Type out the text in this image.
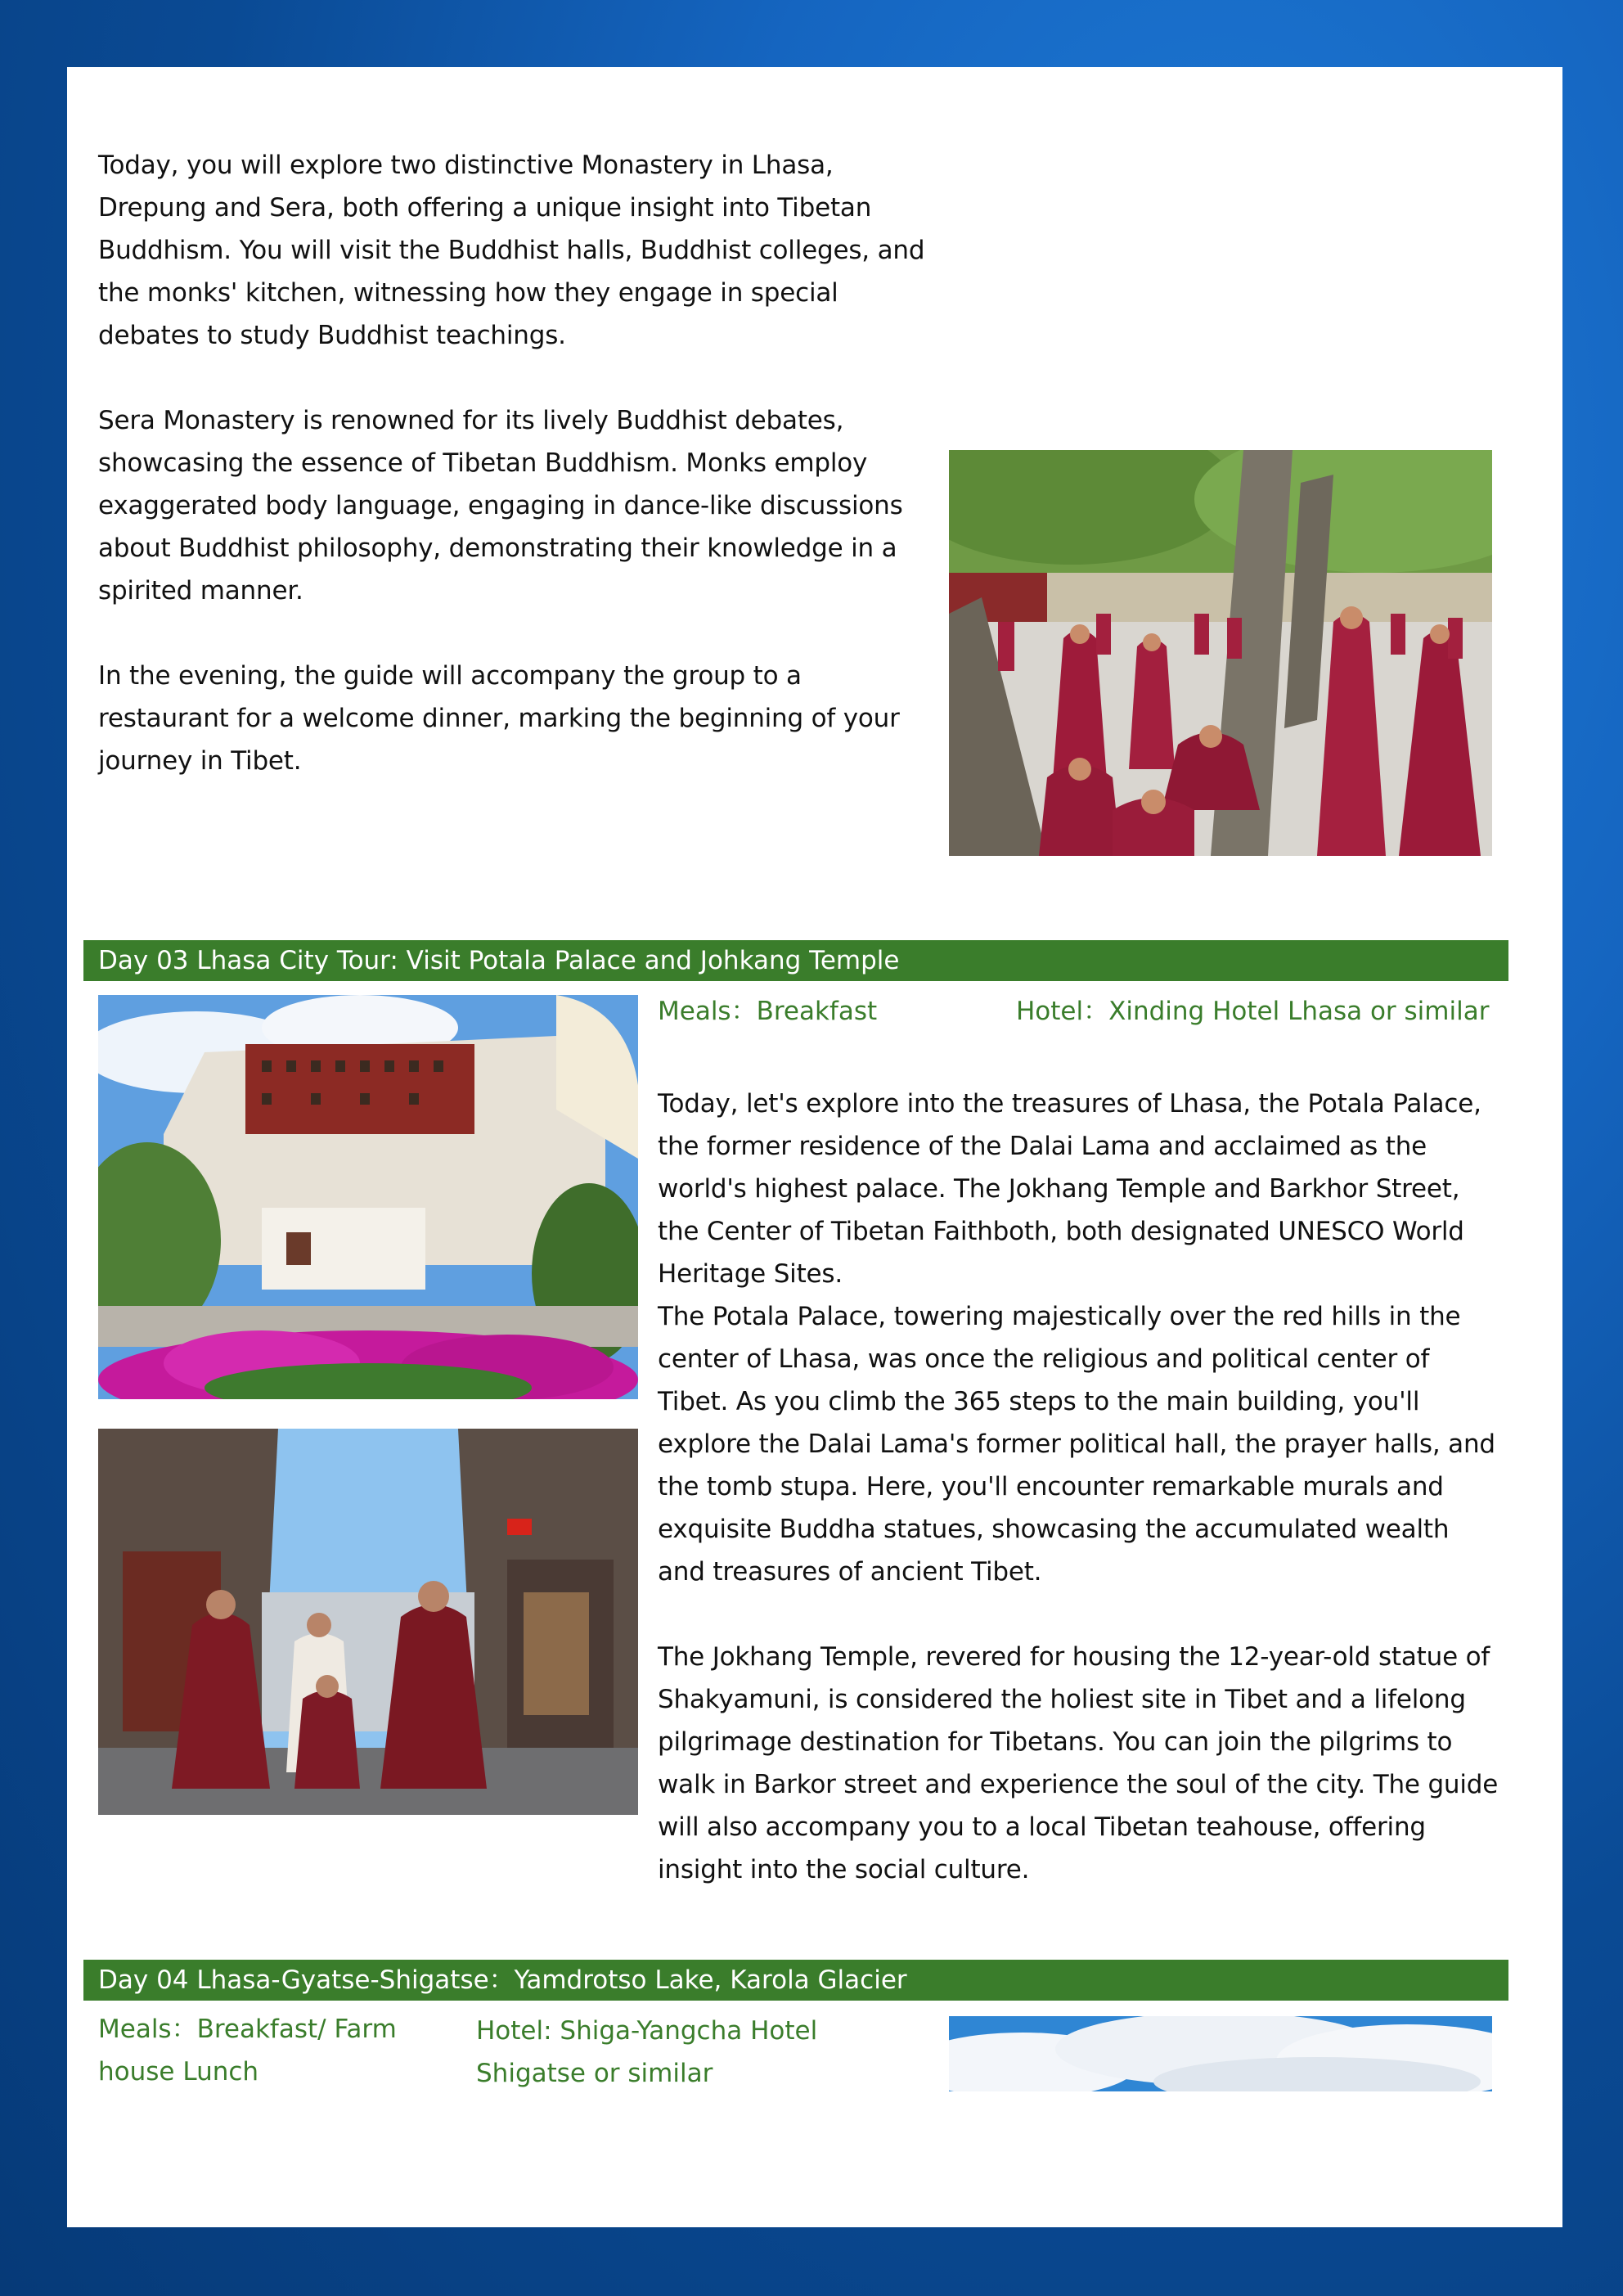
Today, you will explore two distinctive Monastery in Lhasa, Drepung and Sera, both offering a unique insight into Tibetan Buddhism. You will visit the Buddhist halls, Buddhist colleges, and the monks' kitchen, witnessing how they engage in special debates to study Buddhist teachings.

Sera Monastery is renowned for its lively Buddhist debates, showcasing the essence of Tibetan Buddhism. Monks employ exaggerated body language, engaging in dance-like discussions about Buddhist philosophy, demonstrating their knowledge in a spirited manner.

In the evening, the guide will accompany the group to a restaurant for a welcome dinner, marking the beginning of your journey in Tibet.

Day 03 Lhasa City Tour: Visit Potala Palace and Johkang Temple
Meals：Breakfast	Hotel：Xinding Hotel Lhasa or similar

Today, let's explore into the treasures of Lhasa, the Potala Palace, the former residence of the Dalai Lama and acclaimed as the world's highest palace. The Jokhang Temple and Barkhor Street, the Center of Tibetan Faithboth, both designated UNESCO World Heritage Sites.

The Potala Palace, towering majestically over the red hills in the center of Lhasa, was once the religious and political center of Tibet. As you climb the 365 steps to the main building, you'll explore the Dalai Lama's former political hall, the prayer halls, and the tomb stupa. Here, you'll encounter remarkable murals and exquisite Buddha statues, showcasing the accumulated wealth and treasures of ancient Tibet.

The Jokhang Temple, revered for housing the 12-year-old statue of Shakyamuni, is considered the holiest site in Tibet and a lifelong pilgrimage destination for Tibetans. You can join the pilgrims to walk in Barkor street and experience the soul of the city. The guide will also accompany you to a local Tibetan teahouse, offering insight into the social culture.

Day 04 Lhasa-Gyatse-Shigatse：Yamdrotso Lake, Karola Glacier
Meals：Breakfast/ Farm house Lunch
Hotel: Shiga-Yangcha Hotel Shigatse or similar
